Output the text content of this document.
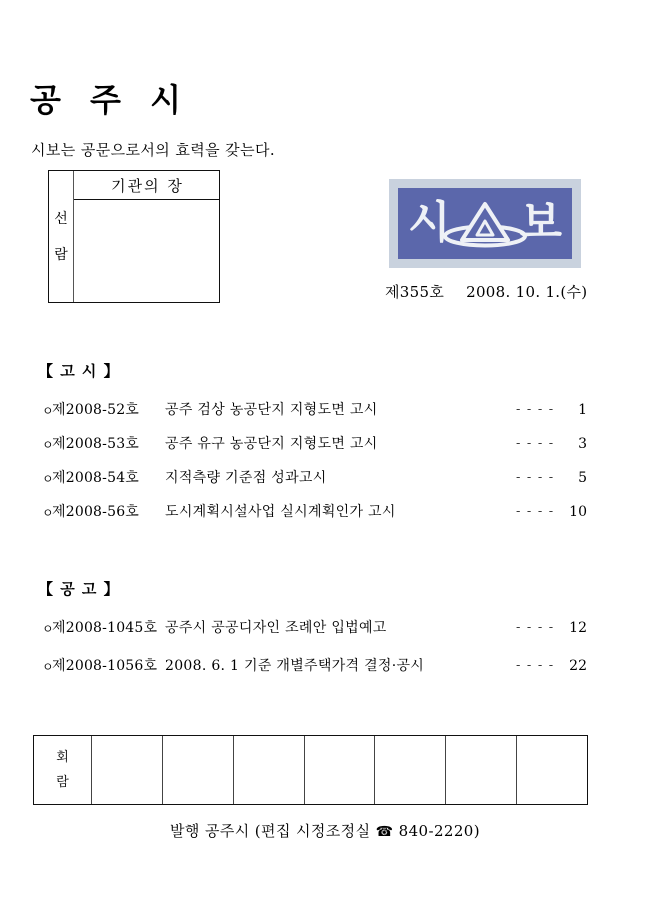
공 주 시
시보는 공문으로서의 효력을 갖는다.
선
람
기관의 장
시 보
제355호 2008. 10. 1.(수)
【 고 시 】
ㅇ
제2008-52호 공주 검상 농공단지 지형도면 고시	- - - -	1
ㅇ
제2008-53호 공주 유구 농공단지 지형도면 고시	- - - -	3
ㅇ
제2008-54호 지적측량 기준점 성과고시	- - - -	5
ㅇ
제2008-56호 도시계획시설사업 실시계획인가 고시	- - - -	10
【 공 고 】
ㅇ
제2008-1045호 공주시 공공디자인 조례안 입법예고	- - - -	12
ㅇ
제2008-1056호 2008. 6. 1 기준 개별주택가격 결정·공시	- - - -	22
회
람
발행 공주시 (편집 시정조정실 ☎ 840-2220)
